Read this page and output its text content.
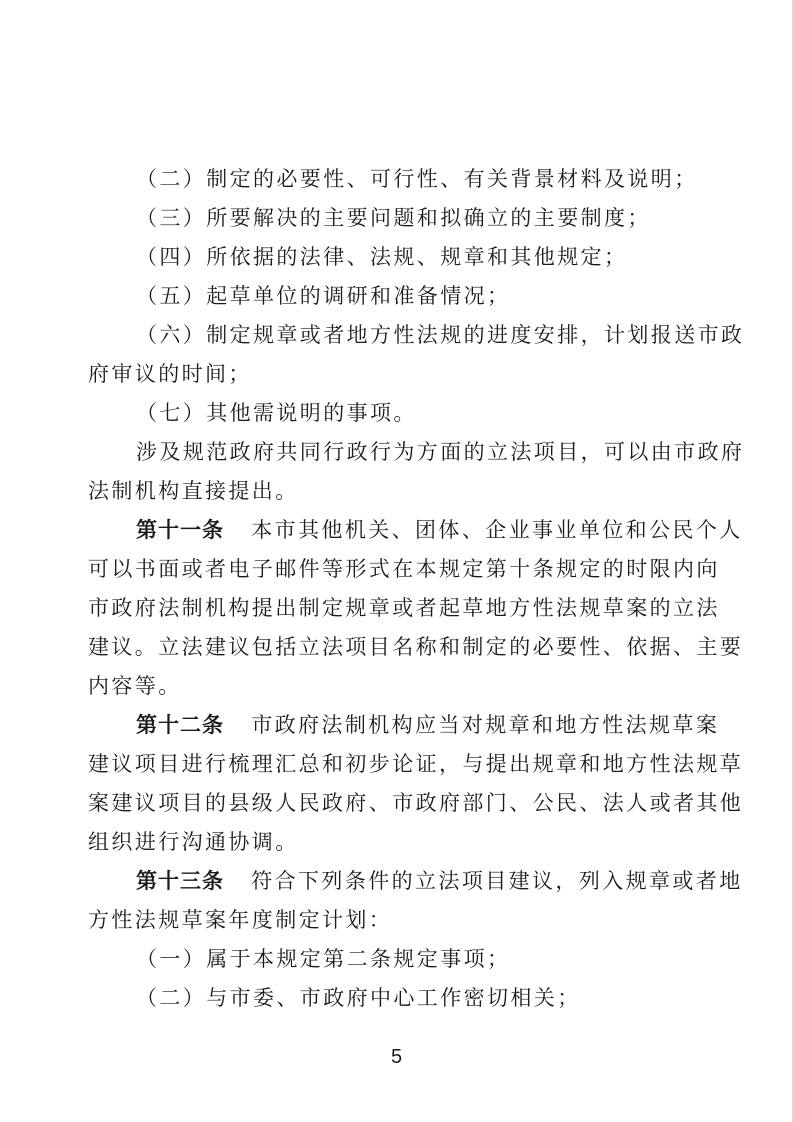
（二）制定的必要性、可行性、有关背景材料及说明；
（三）所要解决的主要问题和拟确立的主要制度；
（四）所依据的法律、法规、规章和其他规定；
（五）起草单位的调研和准备情况；
（六）制定规章或者地方性法规的进度安排，计划报送市政
府审议的时间；
（七）其他需说明的事项。
涉及规范政府共同行政行为方面的立法项目，可以由市政府
法制机构直接提出。
第十一条 本市其他机关、团体、企业事业单位和公民个人
可以书面或者电子邮件等形式在本规定第十条规定的时限内向
市政府法制机构提出制定规章或者起草地方性法规草案的立法
建议。立法建议包括立法项目名称和制定的必要性、依据、主要
内容等。
第十二条 市政府法制机构应当对规章和地方性法规草案
建议项目进行梳理汇总和初步论证，与提出规章和地方性法规草
案建议项目的县级人民政府、市政府部门、公民、法人或者其他
组织进行沟通协调。
第十三条 符合下列条件的立法项目建议，列入规章或者地
方性法规草案年度制定计划：
（一）属于本规定第二条规定事项；
（二）与市委、市政府中心工作密切相关；
5
